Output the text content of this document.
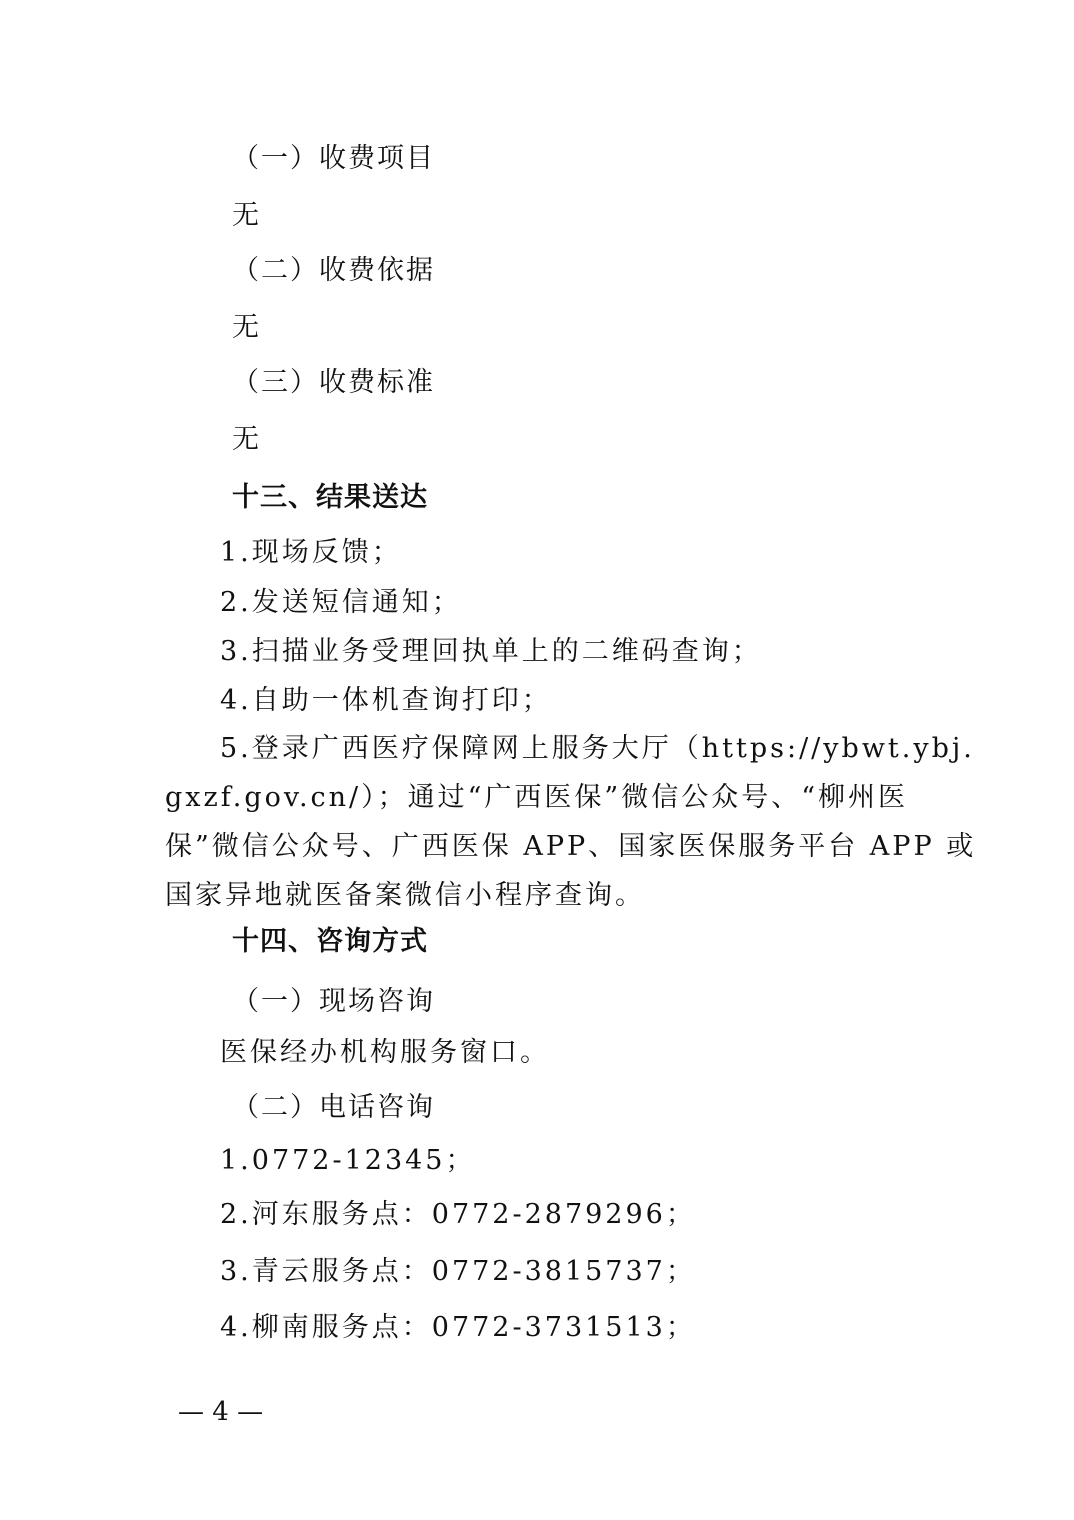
（一）收费项目
无
（二）收费依据
无
（三）收费标准
无
十三、结果送达
1.现场反馈；
2.发送短信通知；
3.扫描业务受理回执单上的二维码查询；
4.自助一体机查询打印；
5.登录广西医疗保障网上服务大厅（https://ybwt.ybj.
gxzf.gov.cn/）；通过“广西医保”微信公众号、“柳州医
保”微信公众号、广西医保 APP、国家医保服务平台 APP 或
国家异地就医备案微信小程序查询。
十四、咨询方式
（一）现场咨询
医保经办机构服务窗口。
（二）电话咨询
1.0772-12345；
2.河东服务点：0772-2879296；
3.青云服务点：0772-3815737；
4.柳南服务点：0772-3731513；
— 4 —
